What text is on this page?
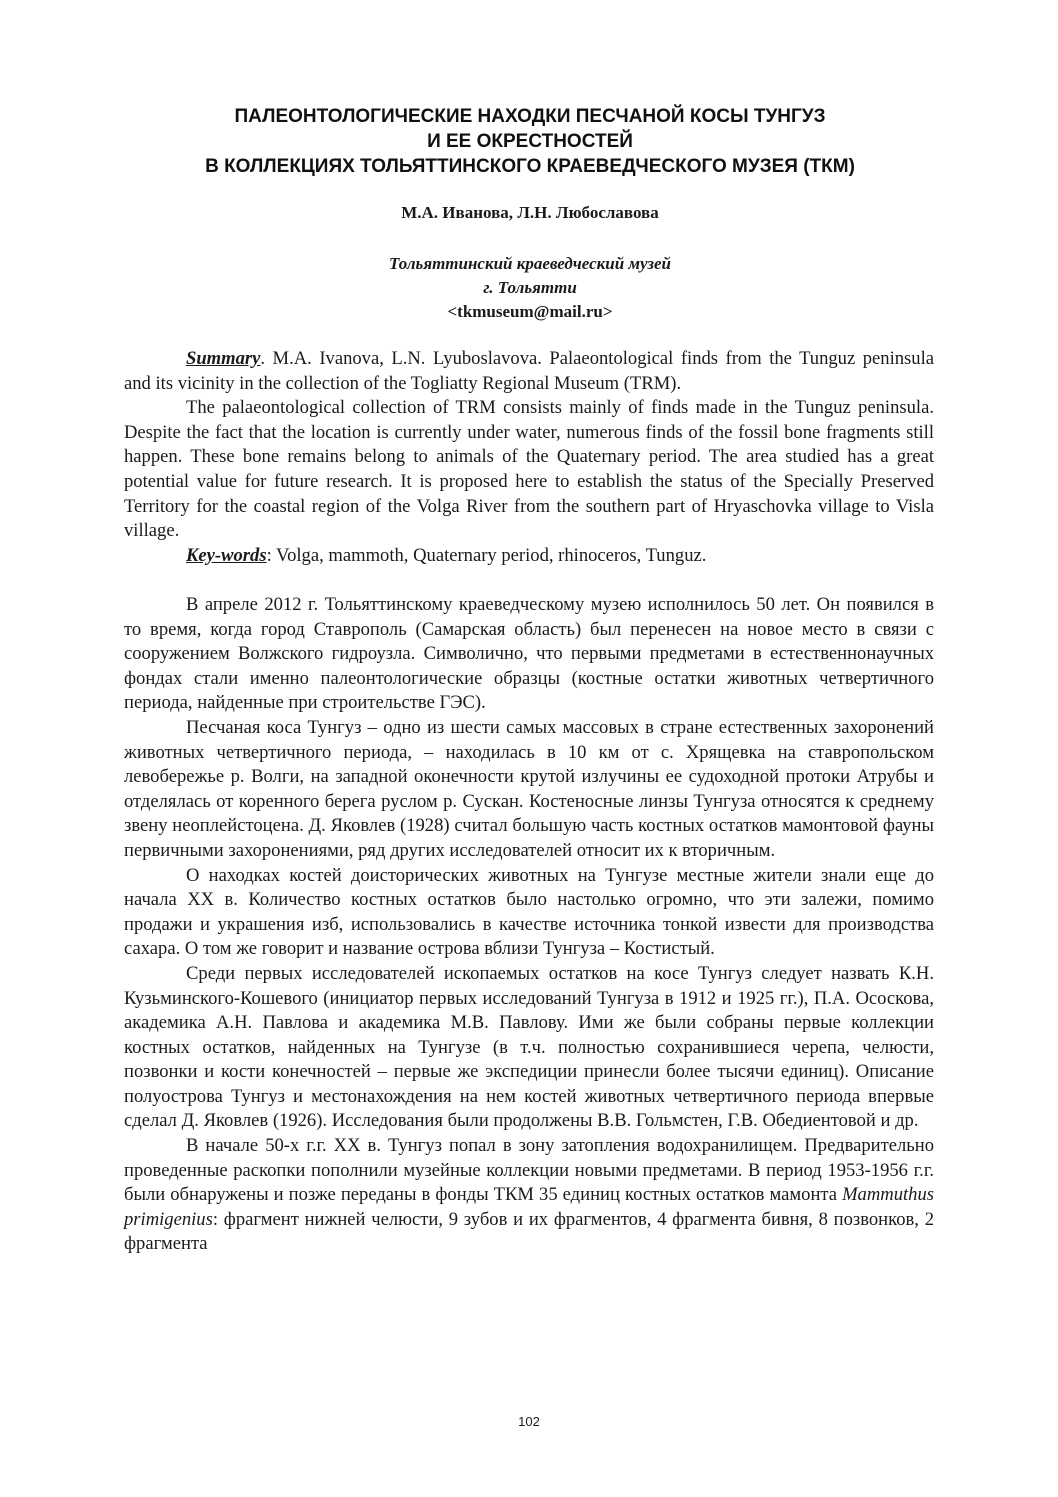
ПАЛЕОНТОЛОГИЧЕСКИЕ НАХОДКИ ПЕСЧАНОЙ КОСЫ ТУНГУЗ
И ЕЕ ОКРЕСТНОСТЕЙ
В КОЛЛЕКЦИЯХ ТОЛЬЯТТИНСКОГО КРАЕВЕДЧЕСКОГО МУЗЕЯ (ТКМ)
М.А. Иванова, Л.Н. Любославова
Тольяттинский краеведческий музей
г. Тольятти
<tkmuseum@mail.ru>

Summary. M.A. Ivanova, L.N. Lyuboslavova. Palaeontological finds from the Tunguz peninsula and its vicinity in the collection of the Togliatty Regional Museum (TRM).

The palaeontological collection of TRM consists mainly of finds made in the Tunguz peninsula. Despite the fact that the location is currently under water, numerous finds of the fossil bone fragments still happen. These bone remains belong to animals of the Quaternary period. The area studied has a great potential value for future research. It is proposed here to establish the status of the Specially Preserved Territory for the coastal region of the Volga River from the southern part of Hryaschovka village to Visla village.

Key-words: Volga, mammoth, Quaternary period, rhinoceros, Tunguz.

В апреле 2012 г. Тольяттинскому краеведческому музею исполнилось 50 лет. Он появился в то время, когда город Ставрополь (Самарская область) был перенесен на новое место в связи с сооружением Волжского гидроузла. Символично, что первыми предметами в естественнонаучных фондах стали именно палеонтологические образцы (костные остатки животных четвертичного периода, найденные при строительстве ГЭС).

Песчаная коса Тунгуз – одно из шести самых массовых в стране естественных захоронений животных четвертичного периода, – находилась в 10 км от с. Хрящевка на ставропольском левобережье р. Волги, на западной оконечности крутой излучины ее судоходной протоки Атрубы и отделялась от коренного берега руслом р. Сускан. Костеносные линзы Тунгуза относятся к среднему звену неоплейстоцена. Д. Яковлев (1928) считал большую часть костных остатков мамонтовой фауны первичными захоронениями, ряд других исследователей относит их к вторичным.

О находках костей доисторических животных на Тунгузе местные жители знали еще до начала XX в. Количество костных остатков было настолько огромно, что эти залежи, помимо продажи и украшения изб, использовались в качестве источника тонкой извести для производства сахара. О том же говорит и название острова вблизи Тунгуза – Костистый.

Среди первых исследователей ископаемых остатков на косе Тунгуз следует назвать К.Н. Кузьминского-Кошевого (инициатор первых исследований Тунгуза в 1912 и 1925 гг.), П.А. Ососкова, академика А.Н. Павлова и академика М.В. Павлову. Ими же были собраны первые коллекции костных остатков, найденных на Тунгузе (в т.ч. полностью сохранившиеся черепа, челюсти, позвонки и кости конечностей – первые же экспедиции принесли более тысячи единиц). Описание полуострова Тунгуз и местонахождения на нем костей животных четвертичного периода впервые сделал Д. Яковлев (1926). Исследования были продолжены В.В. Гольмстен, Г.В. Обедиентовой и др.

В начале 50-х г.г. XX в. Тунгуз попал в зону затопления водохранилищем. Предварительно проведенные раскопки пополнили музейные коллекции новыми предметами. В период 1953-1956 г.г. были обнаружены и позже переданы в фонды ТКМ 35 единиц костных остатков мамонта Mammuthus primigenius: фрагмент нижней челюсти, 9 зубов и их фрагментов, 4 фрагмента бивня, 8 позвонков, 2 фрагмента

102
